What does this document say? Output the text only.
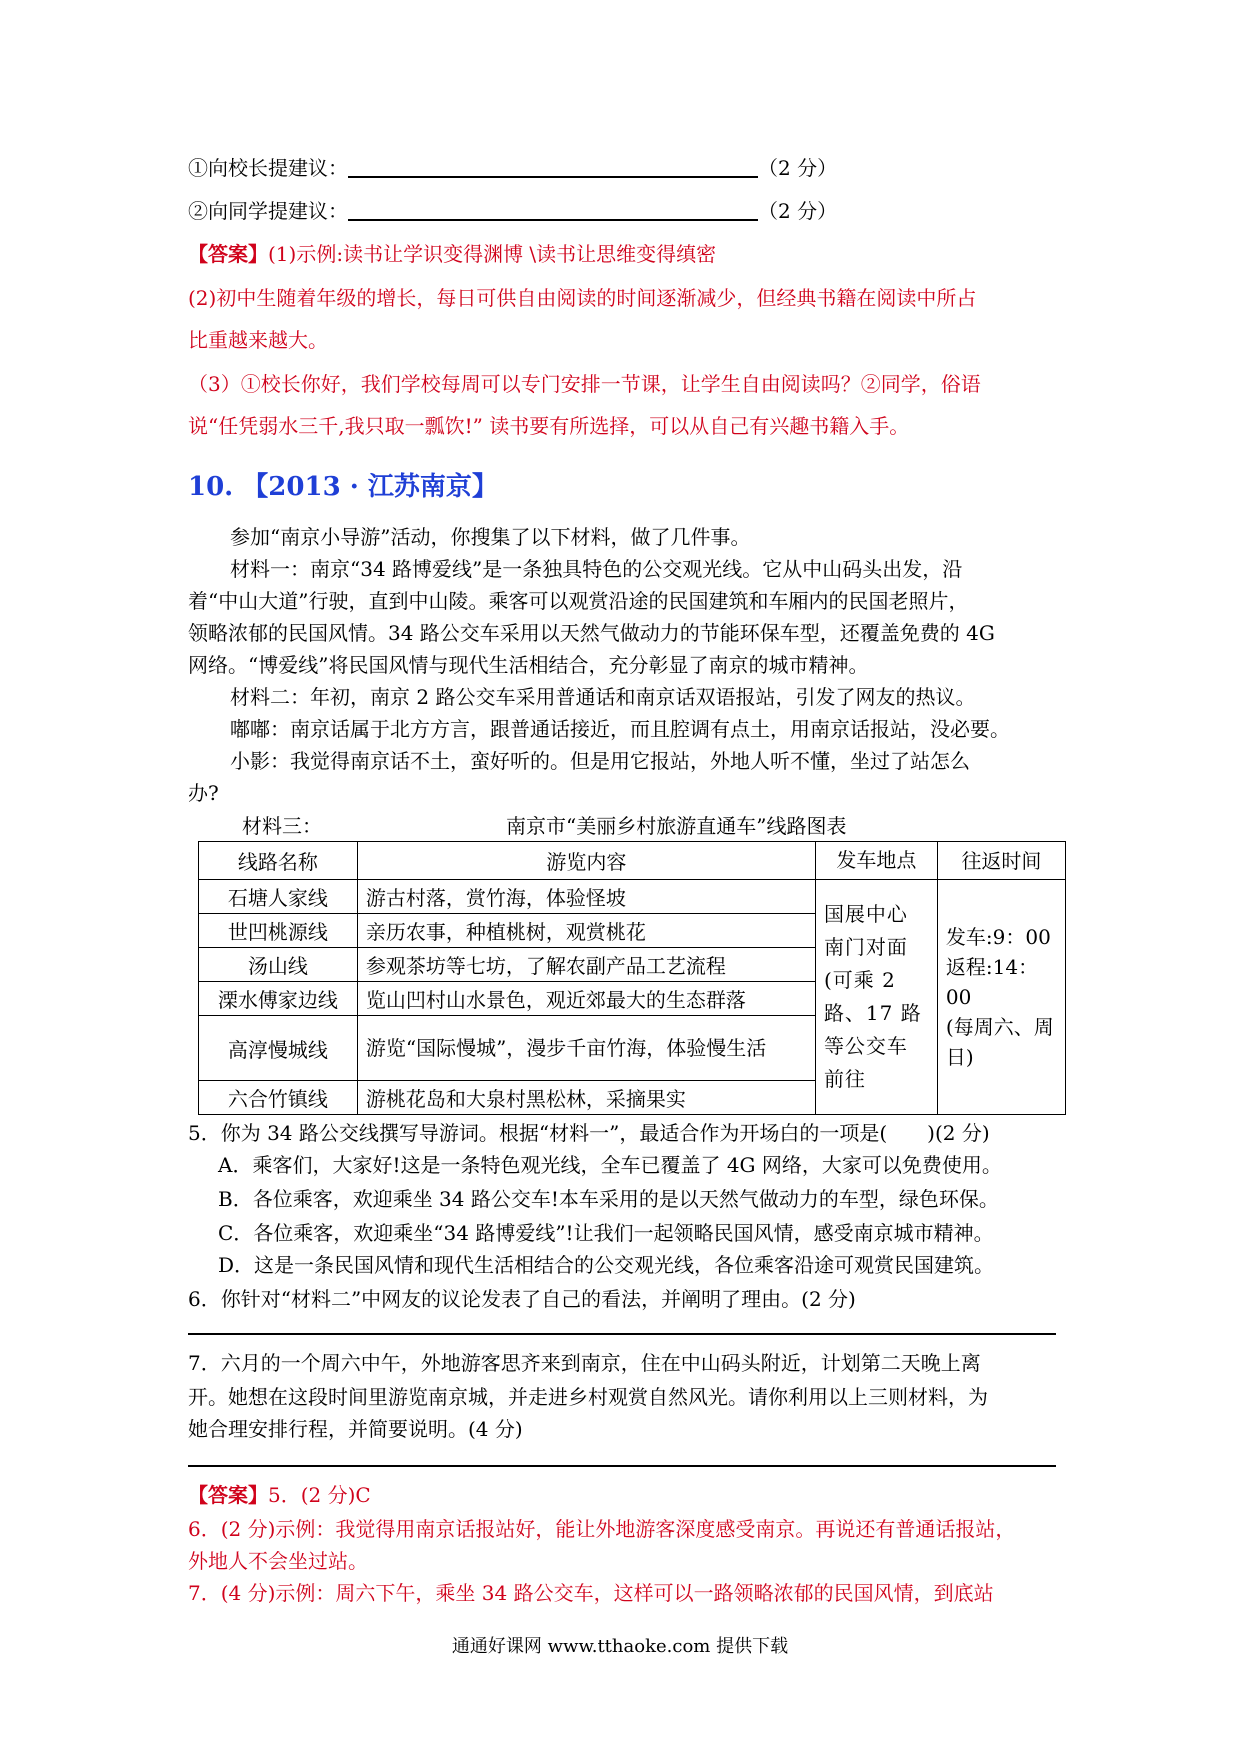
①向校长提建议：	（2 分）
②向同学提建议：	（2 分）
【答案】(1)示例:读书让学识变得渊博 \读书让思维变得缜密
(2)初中生随着年级的增长，每日可供自由阅读的时间逐渐减少，但经典书籍在阅读中所占
比重越来越大。
（3）①校长你好，我们学校每周可以专门安排一节课，让学生自由阅读吗？②同学，俗语
说“任凭弱水三千,我只取一瓢饮!” 读书要有所选择，可以从自己有兴趣书籍入手。
10. 【2013 · 江苏南京】
参加“南京小导游”活动，你搜集了以下材料，做了几件事。
材料一：南京“34 路博爱线”是一条独具特色的公交观光线。它从中山码头出发，沿
着“中山大道”行驶，直到中山陵。乘客可以观赏沿途的民国建筑和车厢内的民国老照片，
领略浓郁的民国风情。34 路公交车采用以天然气做动力的节能环保车型，还覆盖免费的 4G
网络。“博爱线”将民国风情与现代生活相结合，充分彰显了南京的城市精神。
材料二：年初，南京 2 路公交车采用普通话和南京话双语报站，引发了网友的热议。
嘟嘟：南京话属于北方方言，跟普通话接近，而且腔调有点土，用南京话报站，没必要。
小影：我觉得南京话不土，蛮好听的。但是用它报站，外地人听不懂，坐过了站怎么
办?
材料三：	南京市“美丽乡村旅游直通车”线路图表
线路名称	游览内容	发车地点	往返时间
石塘人家线	游古村落，赏竹海，体验怪坡	国展中心南门对面(可乘 2 路、17 路等公交车前往	发车:9：00
返程:14：00
(每周六、周日)

世凹桃源线	亲历农事，种植桃树，观赏桃花		
汤山线	参观茶坊等七坊，了解农副产品工艺流程		
溧水傅家边线	览山凹村山水景色，观近郊最大的生态群落		
高淳慢城线	游览“国际慢城”，漫步千亩竹海，体验慢生活		
六合竹镇线	游桃花岛和大泉村黑松林，采摘果实		
5．你为 34 路公交线撰写导游词。根据“材料一”，最适合作为开场白的一项是(　　)(2 分)
A．乘客们，大家好!这是一条特色观光线，全车已覆盖了 4G 网络，大家可以免费使用。
B．各位乘客，欢迎乘坐 34 路公交车!本车采用的是以天然气做动力的车型，绿色环保。
C．各位乘客，欢迎乘坐“34 路博爱线”!让我们一起领略民国风情，感受南京城市精神。
D．这是一条民国风情和现代生活相结合的公交观光线，各位乘客沿途可观赏民国建筑。
6．你针对“材料二”中网友的议论发表了自己的看法，并阐明了理由。(2 分)
7．六月的一个周六中午，外地游客思齐来到南京，住在中山码头附近，计划第二天晚上离
开。她想在这段时间里游览南京城，并走进乡村观赏自然风光。请你利用以上三则材料，为
她合理安排行程，并简要说明。(4 分)
【答案】5．(2 分)C
6．(2 分)示例：我觉得用南京话报站好，能让外地游客深度感受南京。再说还有普通话报站，
外地人不会坐过站。
7．(4 分)示例：周六下午，乘坐 34 路公交车，这样可以一路领略浓郁的民国风情，到底站
通通好课网 www.tthaoke.com 提供下载
